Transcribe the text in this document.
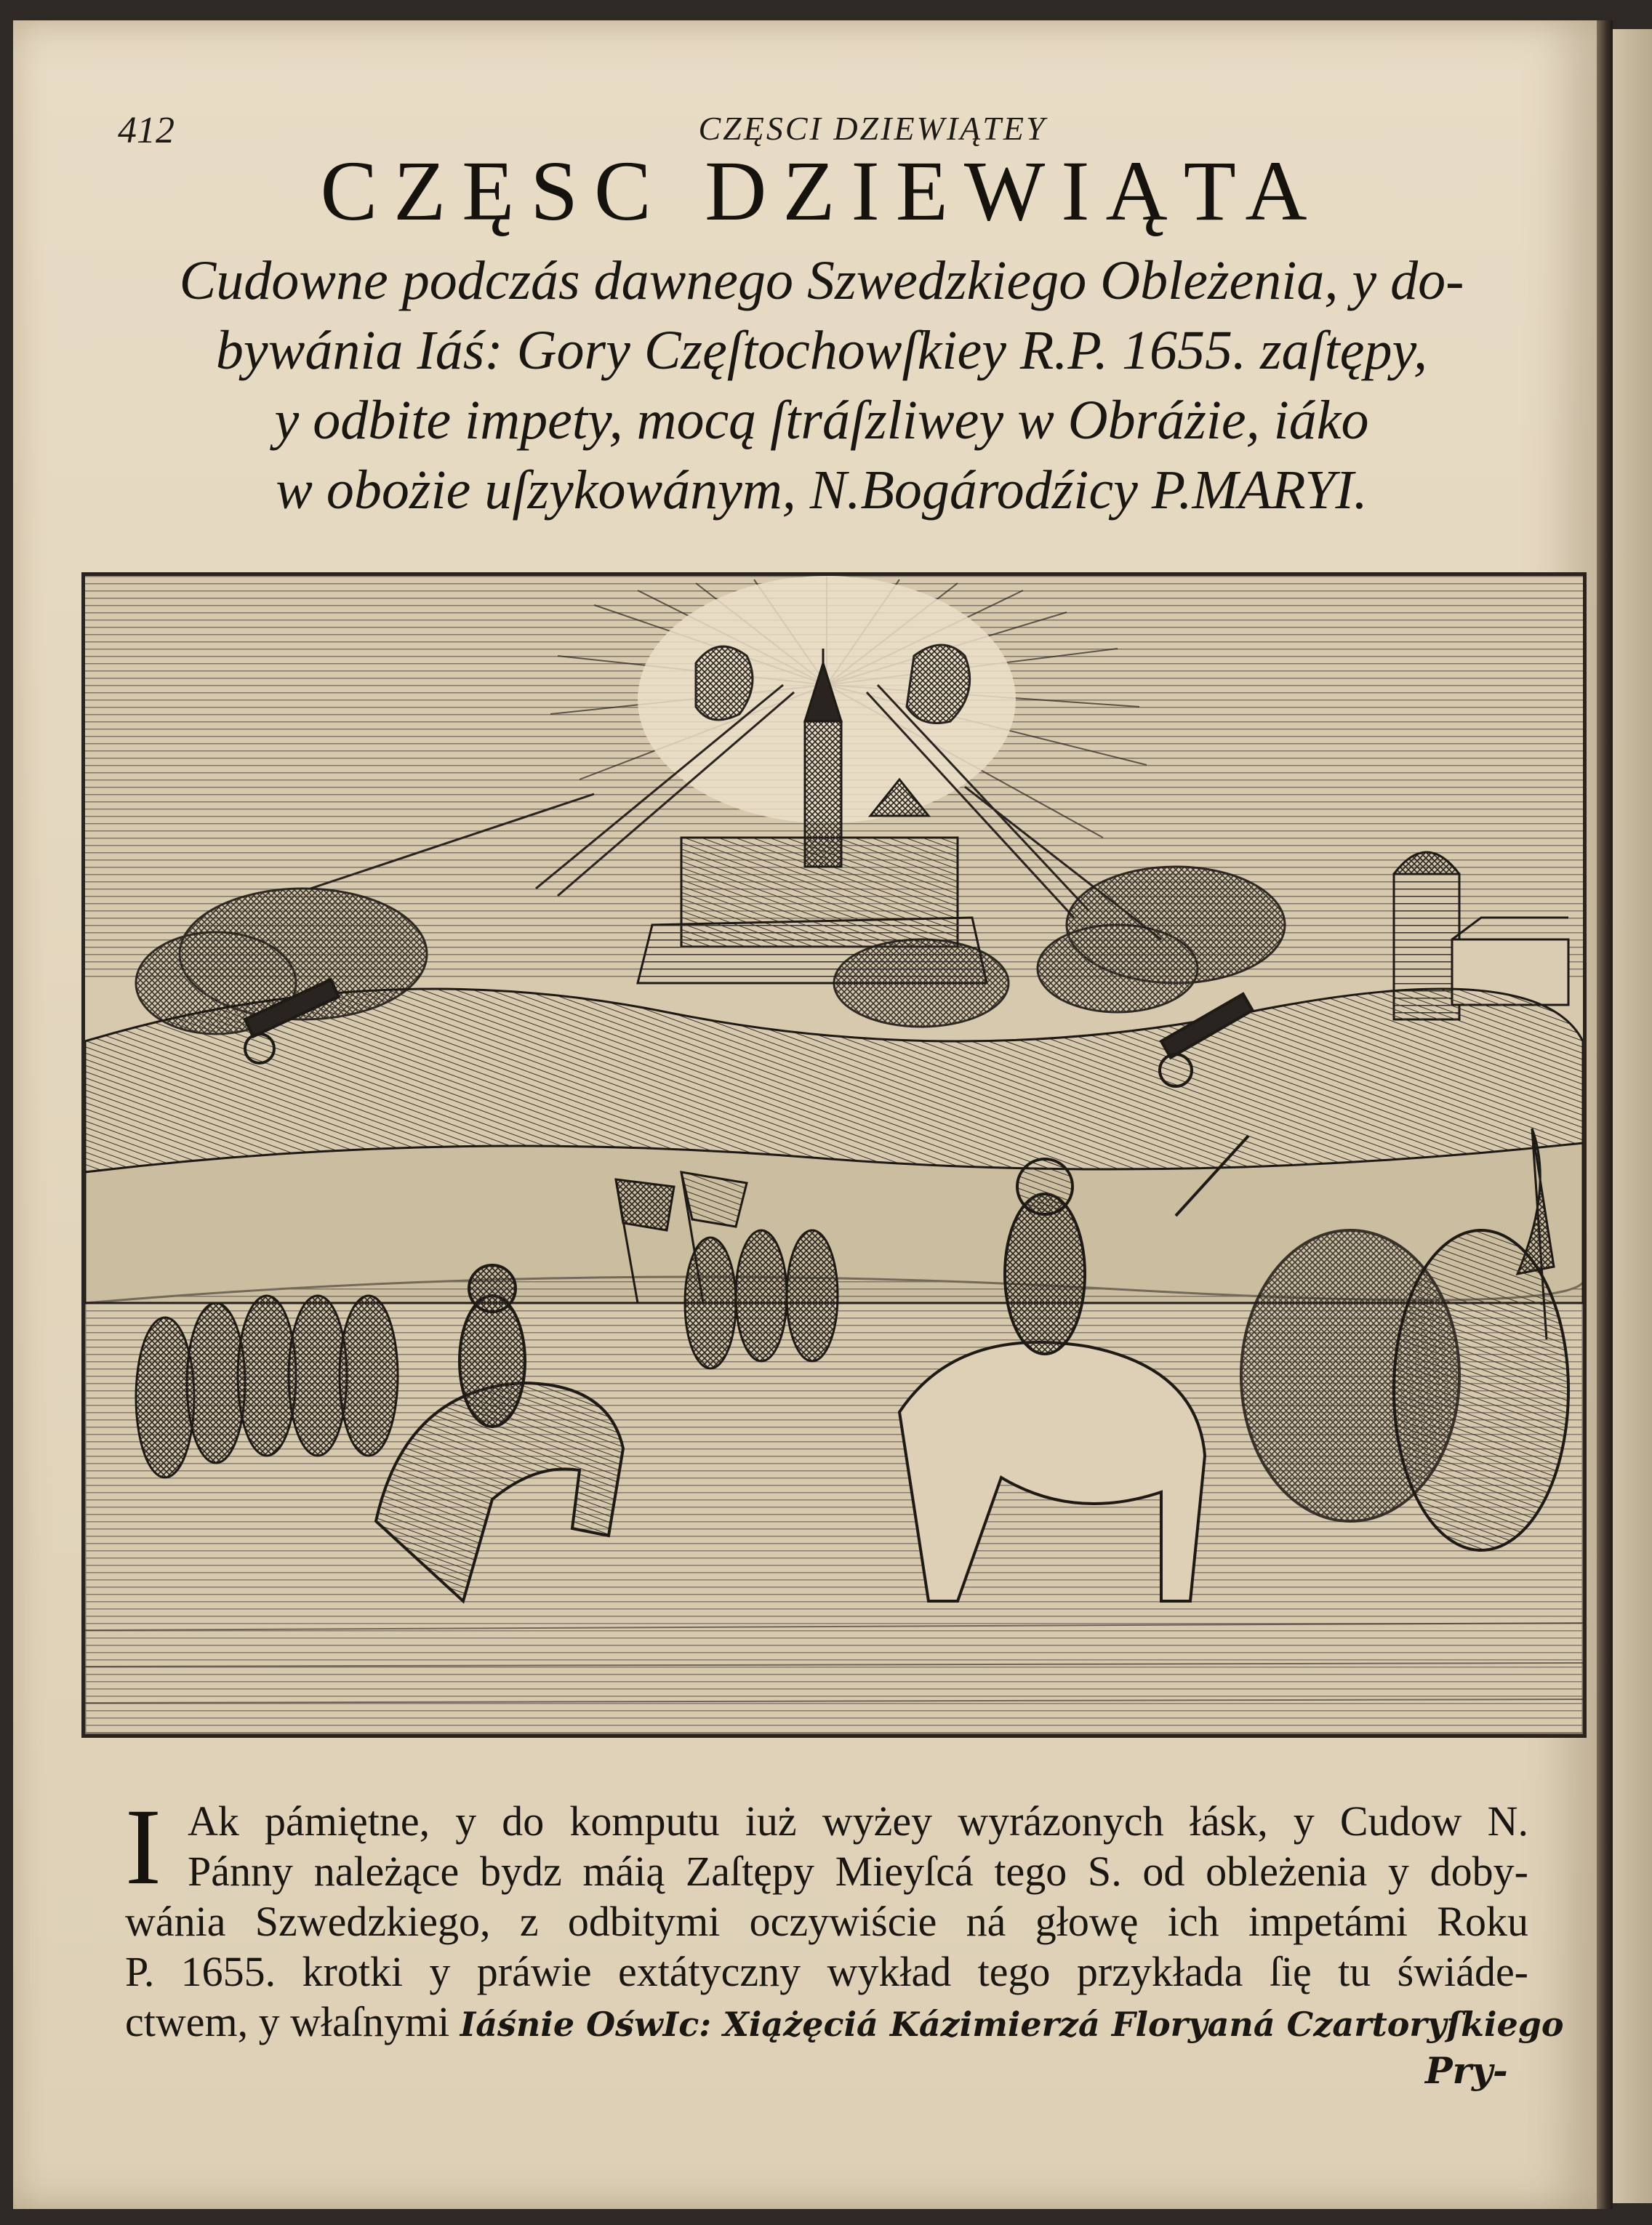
412	CZĘSCI DZIEWIĄTEY
CZĘSC DZIEWIĄTA
Cudowne podczás dawnego Szwedzkiego Obleżenia, y do-
bywánia Iáś: Gory Częſtochowſkiey R.P. 1655. zaſtępy,
y odbite impety, mocą ſtráſzliwey w Obráżie, iáko
w obożie uſzykowánym, N.Bogárodźicy P.MARYI.
I Ak pámiętne, y do komputu iuż wyżey wyrázonych łásk, y Cudow N.
Pánny należące bydz máią Zaſtępy Mieyſcá tego S. od obleżenia y doby-
wánia Szwedzkiego, z odbitymi oczywiście ná głowę ich impetámi Roku
P. 1655. krotki y práwie extátyczny wykład tego przykłada ſię tu świáde-
ctwem, y właſnymi Iáśnie OśwIc: Xiążęciá Kázimierzá Floryaná Czartoryſkiego
Pry-
